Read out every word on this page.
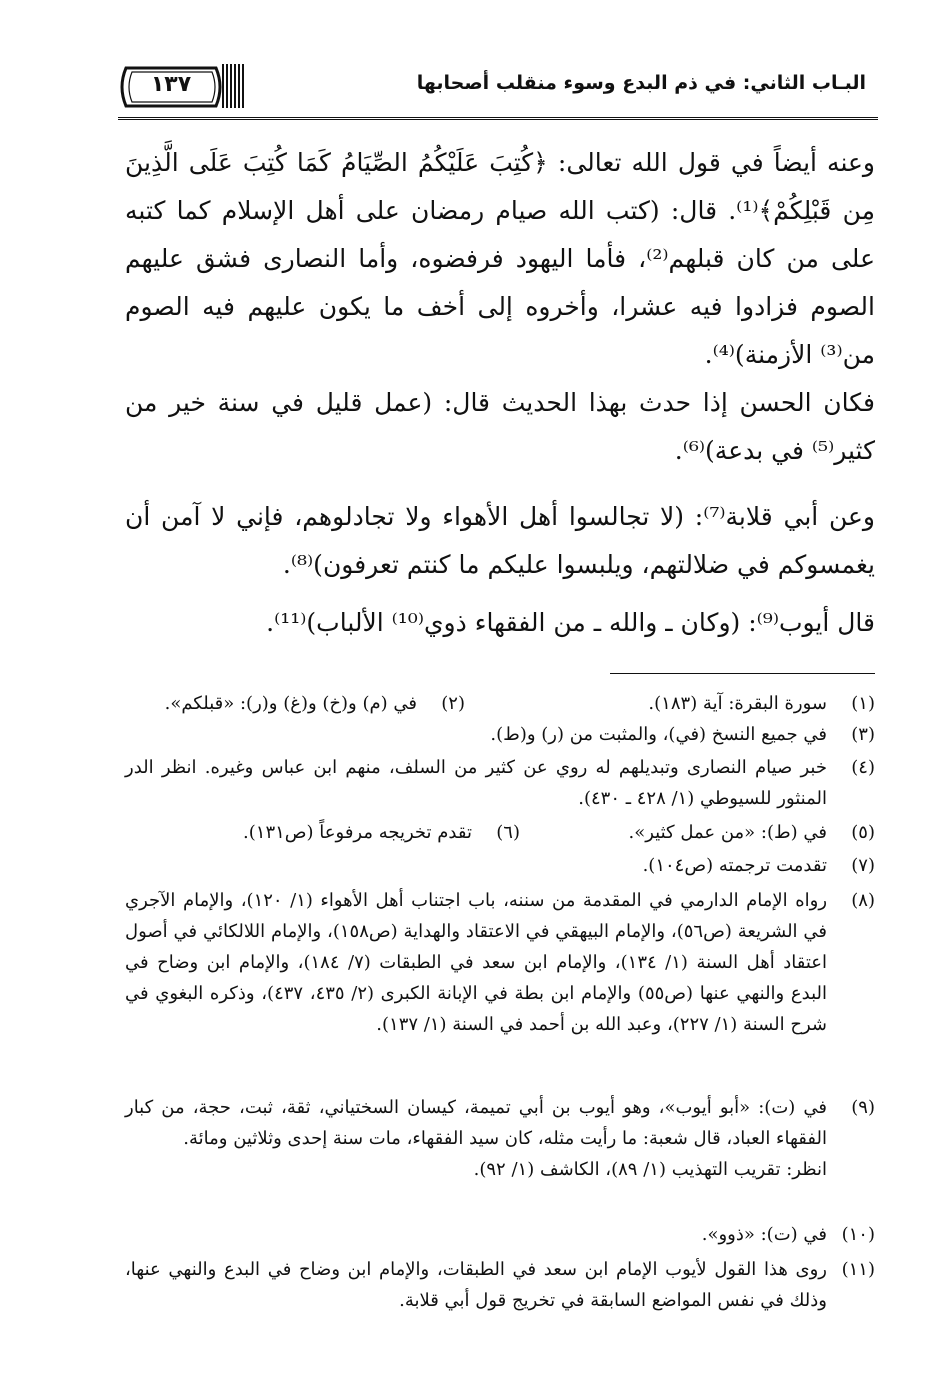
١٣٧	البـاب الثاني: في ذم البدع وسوء منقلب أصحابها
وعنه أيضاً في قول الله تعالى: ﴿كُتِبَ عَلَيْكُمُ الصِّيَامُ كَمَا كُتِبَ عَلَى الَّذِينَ مِن قَبْلِكُمْ﴾⁽¹⁾. قال: (كتب الله صيام رمضان على أهل الإسلام كما كتبه على من كان قبلهم⁽²⁾، فأما اليهود فرفضوه، وأما النصارى فشق عليهم الصوم فزادوا فيه عشرا، وأخروه إلى أخف ما يكون عليهم فيه الصوم من⁽³⁾ الأزمنة)⁽⁴⁾.
فكان الحسن إذا حدث بهذا الحديث قال: (عمل قليل في سنة خير من كثير⁽⁵⁾ في بدعة)⁽⁶⁾.
وعن أبي قلابة⁽⁷⁾: (لا تجالسوا أهل الأهواء ولا تجادلوهم، فإني لا آمن أن يغمسوكم في ضلالتهم، ويلبسوا عليكم ما كنتم تعرفون)⁽⁸⁾.
قال أيوب⁽⁹⁾: (وكان ـ والله ـ من الفقهاء ذوي⁽¹⁰⁾ الألباب)⁽¹¹⁾.
(١)
سورة البقرة: آية (١٨٣).
(٢)
في (م) و(خ) و(غ) و(ر): «قبلكم».
(٣)
في جميع النسخ (في)، والمثبت من (ر) و(ط).
(٤)
خبر صيام النصارى وتبديلهم له روي عن كثير من السلف، منهم ابن عباس وغيره. انظر الدر المنثور للسيوطي (١/ ٤٢٨ ـ ٤٣٠).
(٥)
في (ط): «من عمل كثير».
(٦)
تقدم تخريجه مرفوعاً (ص١٣١).
(٧)
تقدمت ترجمته (ص١٠٤).
(٨)
رواه الإمام الدارمي في المقدمة من سننه، باب اجتناب أهل الأهواء (١/ ١٢٠)، والإمام الآجري في الشريعة (ص٥٦)، والإمام البيهقي في الاعتقاد والهداية (ص١٥٨)، والإمام اللالكائي في أصول اعتقاد أهل السنة (١/ ١٣٤)، والإمام ابن سعد في الطبقات (٧/ ١٨٤)، والإمام ابن وضاح في البدع والنهي عنها (ص٥٥) والإمام ابن بطة في الإبانة الكبرى (٢/ ٤٣٥، ٤٣٧)، وذكره البغوي في شرح السنة (١/ ٢٢٧)، وعبد الله بن أحمد في السنة (١/ ١٣٧).
(٩)
في (ت): «أبو أيوب»، وهو أيوب بن أبي تميمة، كيسان السختياني، ثقة، ثبت، حجة، من كبار الفقهاء العباد، قال شعبة: ما رأيت مثله، كان سيد الفقهاء، مات سنة إحدى وثلاثين ومائة.
انظر: تقريب التهذيب (١/ ٨٩)، الكاشف (١/ ٩٢).
(١٠)
في (ت): «ذوو».
(١١)
روى هذا القول لأيوب الإمام ابن سعد في الطبقات، والإمام ابن وضاح في البدع والنهي عنها، وذلك في نفس المواضع السابقة في تخريج قول أبي قلابة.
